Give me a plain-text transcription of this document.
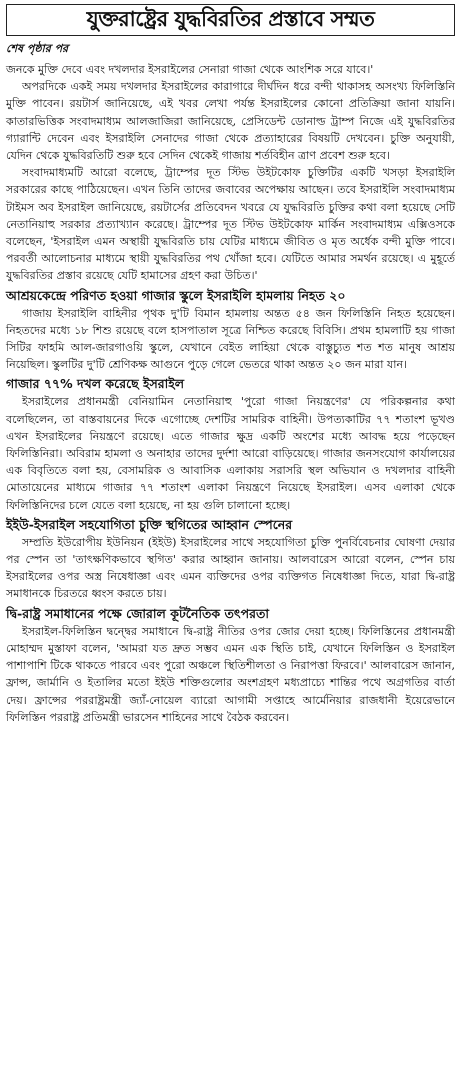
যুক্তরাষ্ট্রের যুদ্ধবিরতির প্রস্তাবে সম্মত
শেষ পৃষ্ঠার পর

জনকে মুক্তি দেবে এবং দখলদার ইসরাইলের সেনারা গাজা থেকে আংশিক সরে যাবে।'

অপরদিকে একই সময় দখলদার ইসরাইলের কারাগারে দীর্ঘদিন ধরে বন্দী থাকাসহ অসংখ্য ফিলিস্তিনি মুক্তি পাবেন। রয়টার্স জানিয়েছে, এই খবর লেখা পর্যন্ত ইসরাইলের কোনো প্রতিক্রিয়া জানা যায়নি। কাতারভিত্তিক সংবাদমাধ্যম আলজাজিরা জানিয়েছে, প্রেসিডেন্ট ডোনাল্ড ট্রাম্প নিজে এই যুদ্ধবিরতির গ্যারান্টি দেবেন এবং ইসরাইলি সেনাদের গাজা থেকে প্রত্যাহারের বিষয়টি দেখবেন। চুক্তি অনুযায়ী, যেদিন থেকে যুদ্ধবিরতিটি শুরু হবে সেদিন থেকেই গাজায় শর্তবিহীন ত্রাণ প্রবেশ শুরু হবে।

সংবাদমাধ্যমটি আরো বলেছে, ট্রাম্পের দূত স্টিভ উইটকোফ চুক্তিটির একটি খসড়া ইসরাইলি সরকারের কাছে পাঠিয়েছেন। এখন তিনি তাদের জবাবের অপেক্ষায় আছেন। তবে ইসরাইলি সংবাদমাধ্যম টাইমস অব ইসরাইল জানিয়েছে, রয়টার্সের প্রতিবেদন খবরে যে যুদ্ধবিরতি চুক্তির কথা বলা হয়েছে সেটি নেতানিয়াহু সরকার প্রত্যাখ্যান করেছে। ট্রাম্পের দূত স্টিভ উইটকোফ মার্কিন সংবাদমাধ্যম এক্সিওসকে বলেছেন, 'ইসরাইল এমন অস্থায়ী যুদ্ধবিরতি চায় যেটির মাধ্যমে জীবিত ও মৃত অর্ধেক বন্দী মুক্তি পাবে। পরবর্তী আলোচনার মাধ্যমে স্থায়ী যুদ্ধবিরতির পথ খোঁজা হবে। যেটিতে আমার সমর্থন রয়েছে। এ মুহূর্তে যুদ্ধবিরতির প্রস্তাব রয়েছে যেটি হামাসের গ্রহণ করা উচিত।'

আশ্রয়কেন্দ্রে পরিণত হওয়া গাজার স্কুলে ইসরাইলি হামলায় নিহত ২০

গাজায় ইসরাইলি বাহিনীর পৃথক দু'টি বিমান হামলায় অন্তত ৫৪ জন ফিলিস্তিনি নিহত হয়েছেন। নিহতদের মধ্যে ১৮ শিশু রয়েছে বলে হাসপাতাল সূত্রে নিশ্চিত করেছে বিবিসি। প্রথম হামলাটি হয় গাজা সিটির ফাহমি আল-জারগাওয়ি স্কুলে, যেখানে বেইত লাহিয়া থেকে বাস্তুচ্যুত শত শত মানুষ আশ্রয় নিয়েছিল। স্কুলটির দু'টি শ্রেণিকক্ষ আগুনে পুড়ে গেলে ভেতরে থাকা অন্তত ২০ জন মারা যান।

গাজার ৭৭% দখল করেছে ইসরাইল

ইসরাইলের প্রধানমন্ত্রী বেনিয়ামিন নেতানিয়াহু 'পুরো গাজা নিয়ন্ত্রণের' যে পরিকল্পনার কথা বলেছিলেন, তা বাস্তবায়নের দিকে এগোচ্ছে দেশটির সামরিক বাহিনী। উপত্যকাটির ৭৭ শতাংশ ভূখণ্ড এখন ইসরাইলের নিয়ন্ত্রণে রয়েছে। এতে গাজার ক্ষুদ্র একটি অংশের মধ্যে আবদ্ধ হয়ে পড়েছেন ফিলিস্তিনিরা। অবিরাম হামলা ও অনাহার তাদের দুর্দশা আরো বাড়িয়েছে। গাজার জনসংযোগ কার্যালয়ের এক বিবৃতিতে বলা হয়, বেসামরিক ও আবাসিক এলাকায় সরাসরি স্থল অভিযান ও দখলদার বাহিনী মোতায়েনের মাধ্যমে গাজার ৭৭ শতাংশ এলাকা নিয়ন্ত্রণে নিয়েছে ইসরাইল। এসব এলাকা থেকে ফিলিস্তিনিদের চলে যেতে বলা হয়েছে, না হয় গুলি চালানো হচ্ছে।

ইইউ-ইসরাইল সহযোগিতা চুক্তি স্থগিতের আহ্বান স্পেনের

সম্প্রতি ইউরোপীয় ইউনিয়ন (ইইউ) ইসরাইলের সাথে সহযোগিতা চুক্তি পুনর্বিবেচনার ঘোষণা দেয়ার পর স্পেন তা 'তাৎক্ষণিকভাবে স্থগিত' করার আহ্বান জানায়। আলবারেস আরো বলেন, স্পেন চায় ইসরাইলের ওপর অস্ত্র নিষেধাজ্ঞা এবং এমন ব্যক্তিদের ওপর ব্যক্তিগত নিষেধাজ্ঞা দিতে, যারা দ্বি-রাষ্ট্র সমাধানকে চিরতরে ধ্বংস করতে চায়।

দ্বি-রাষ্ট্র সমাধানের পক্ষে জোরাল কূটনৈতিক তৎপরতা

ইসরাইল-ফিলিস্তিন দ্বন্দ্বের সমাধানে দ্বি-রাষ্ট্র নীতির ওপর জোর দেয়া হচ্ছে। ফিলিস্তিনের প্রধানমন্ত্রী মোহাম্মদ মুস্তাফা বলেন, 'আমরা যত দ্রুত সম্ভব এমন এক স্থিতি চাই, যেখানে ফিলিস্তিন ও ইসরাইল পাশাপাশি টিকে থাকতে পারবে এবং পুরো অঞ্চলে স্থিতিশীলতা ও নিরাপত্তা ফিরবে।' আলবারেস জানান, ফ্রান্স, জার্মানি ও ইতালির মতো ইইউ শক্তিগুলোর অংশগ্রহণ মধ্যপ্রাচ্যে শান্তির পথে অগ্রগতির বার্তা দেয়। ফ্রান্সের পররাষ্ট্রমন্ত্রী জ্যাঁ-নোয়েল ব্যারো আগামী সপ্তাহে আর্মেনিয়ার রাজধানী ইয়েরেভানে ফিলিস্তিন পররাষ্ট্র প্রতিমন্ত্রী ভারসেন শাহিনের সাথে বৈঠক করবেন।
